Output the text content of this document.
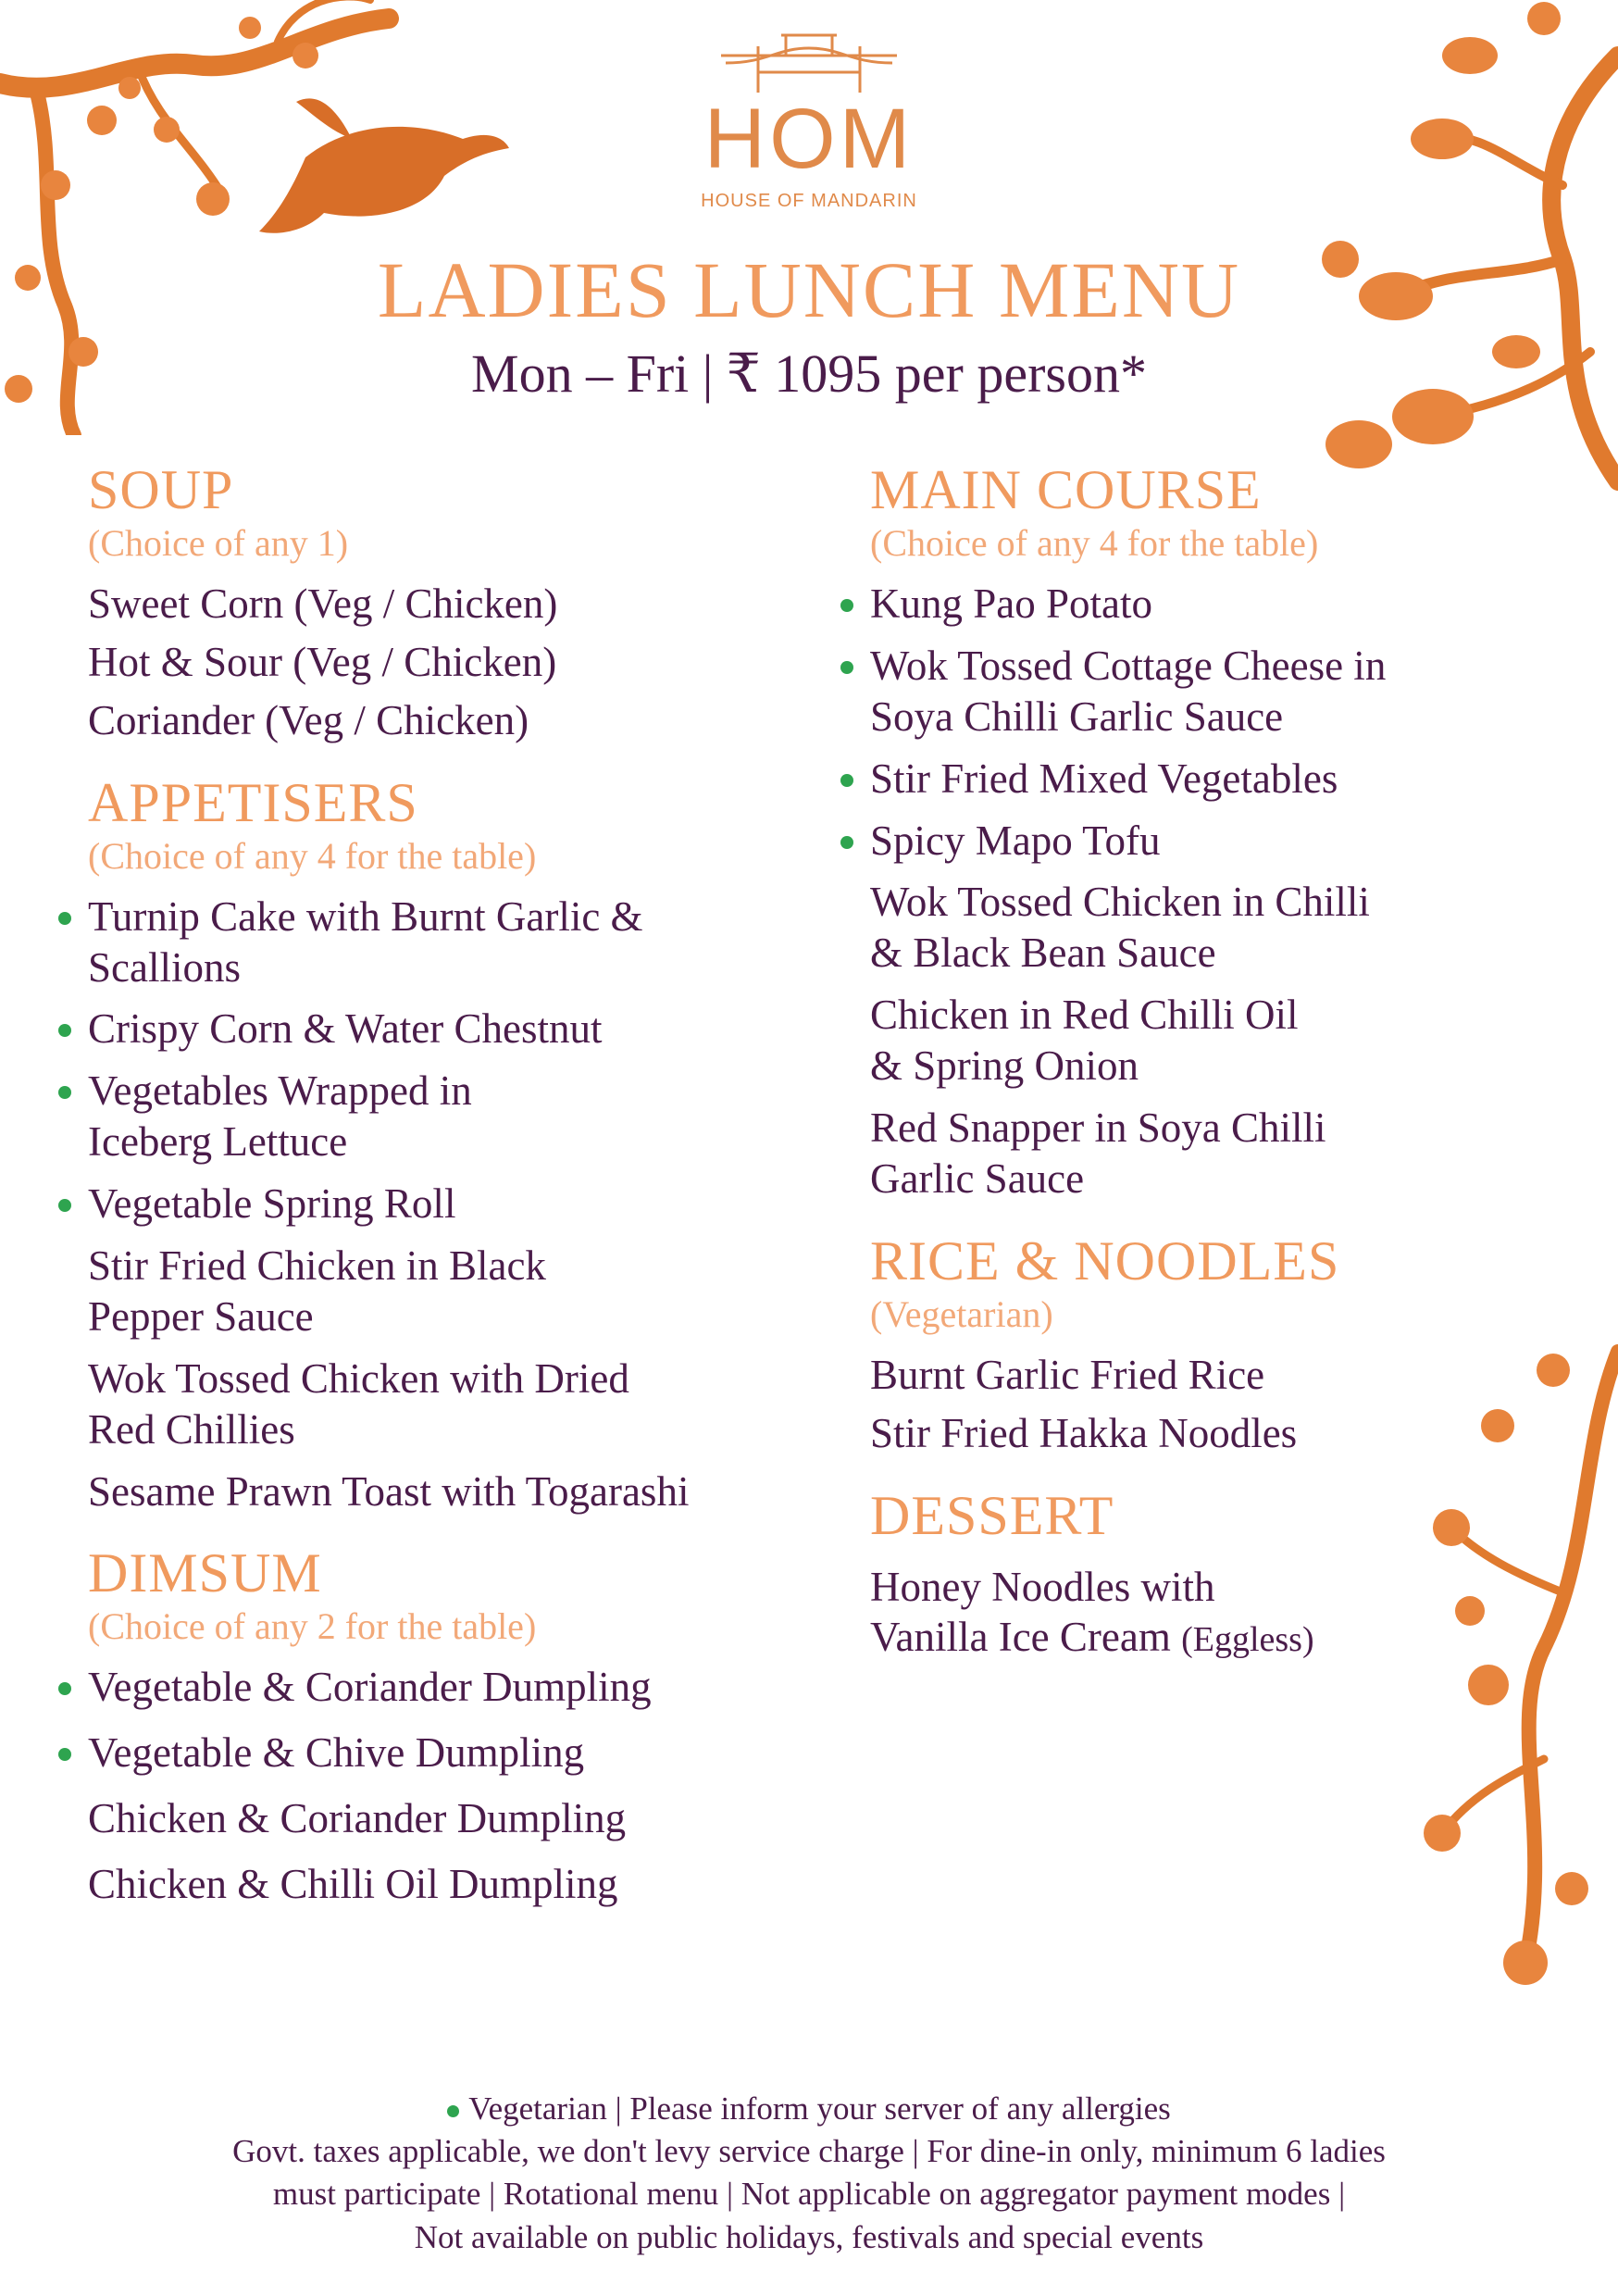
HOM
HOUSE OF MANDARIN
LADIES LUNCH MENU
Mon – Fri | ₹ 1095 per person*
SOUP
(Choice of any 1)
Sweet Corn (Veg / Chicken)
Hot & Sour (Veg / Chicken)
Coriander (Veg / Chicken)
APPETISERS
(Choice of any 4 for the table)
Turnip Cake with Burnt Garlic &
Scallions
Crispy Corn & Water Chestnut
Vegetables Wrapped in
Iceberg Lettuce
Vegetable Spring Roll
Stir Fried Chicken in Black
Pepper Sauce
Wok Tossed Chicken with Dried
Red Chillies
Sesame Prawn Toast with Togarashi
DIMSUM
(Choice of any 2 for the table)
Vegetable & Coriander Dumpling
Vegetable & Chive Dumpling
Chicken & Coriander Dumpling
Chicken & Chilli Oil Dumpling
MAIN COURSE
(Choice of any 4 for the table)
Kung Pao Potato
Wok Tossed Cottage Cheese in
Soya Chilli Garlic Sauce
Stir Fried Mixed Vegetables
Spicy Mapo Tofu
Wok Tossed Chicken in Chilli
& Black Bean Sauce
Chicken in Red Chilli Oil
& Spring Onion
Red Snapper in Soya Chilli
Garlic Sauce
RICE & NOODLES
(Vegetarian)
Burnt Garlic Fried Rice
Stir Fried Hakka Noodles
DESSERT
Honey Noodles with
Vanilla Ice Cream (Eggless)
Vegetarian | Please inform your server of any allergies
Govt. taxes applicable, we don't levy service charge | For dine-in only, minimum 6 ladies
must participate | Rotational menu | Not applicable on aggregator payment modes |
Not available on public holidays, festivals and special events
